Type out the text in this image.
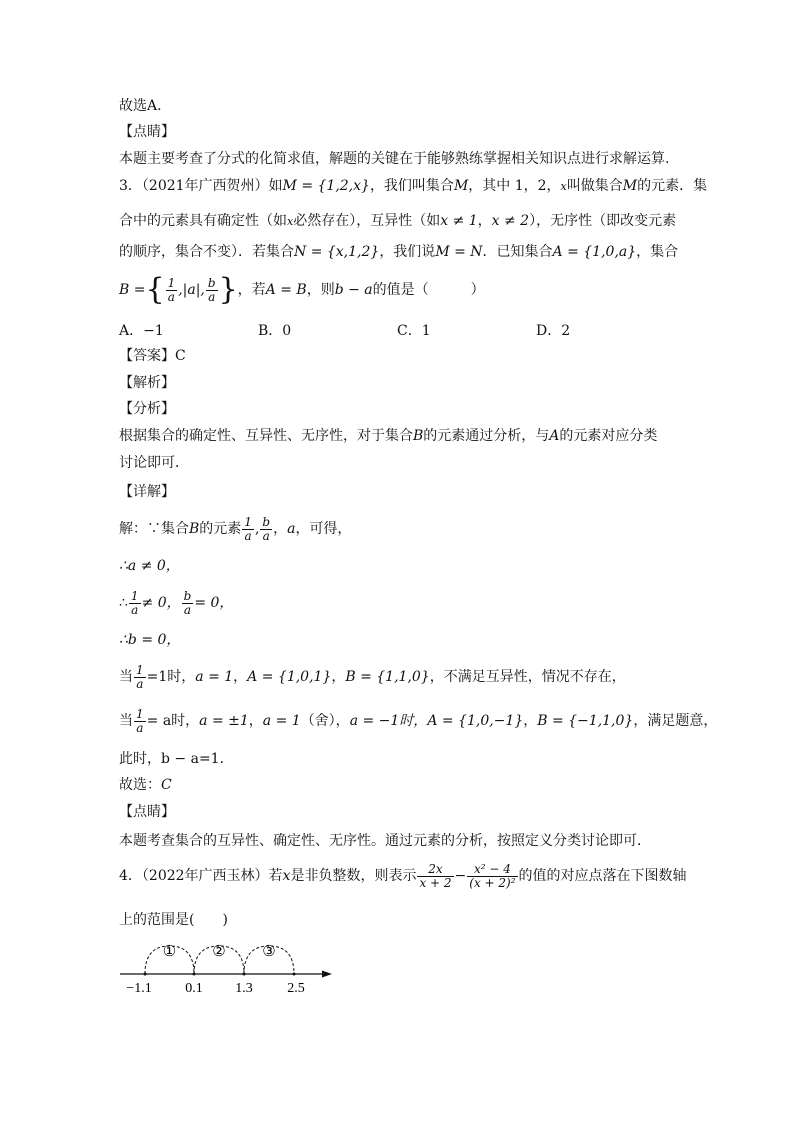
故选A.
【点睛】
本题主要考查了分式的化简求值，解题的关键在于能够熟练掌握相关知识点进行求解运算.
3．（2021年广西贺州）如M = {1,2,x}，我们叫集合M，其中 1，2，x叫做集合M的元素．集
合中的元素具有确定性（如x必然存在），互异性（如x ≠ 1，x ≠ 2），无序性（即改变元素
的顺序，集合不变）．若集合N = {x,1,2}，我们说M = N．已知集合A = {1,0,a}，集合
B ={ $\frac{1}{a} ,|a|$, $\frac{b}{a}$ }，若A = B，则b − a的值是（　　　）
A．−1	B．0	C．1	D．2
【答案】C
【解析】
【分析】
根据集合的确定性、互异性、无序性，对于集合B的元素通过分析，与A的元素对应分类
讨论即可．
【详解】
解：∵集合B的元素 $\frac{1}{a}$ , $\frac{b}{a}$ ，a，可得，
∴a ≠ 0，
∴ $\frac{1}{a} \ne 0$， $\frac{b}{a} = 0$，
∴b = 0，
当 $\frac{1}{a} =1$时，a = 1，A = {1,0,1}，B = {1,1,0}，不满足互异性，情况不存在，
当 $\frac{1}{a} = a$时，a = ±1，a = 1（舍），a = −1时，A = {1,0,−1}，B = {−1,1,0}，满足题意，
此时，b − a=1．
故选：C
【点睛】
本题考查集合的互异性、确定性、无序性。通过元素的分析，按照定义分类讨论即可．
4．（2022年广西玉林）若x是非负整数，则表示 $\frac{2x}{x + 2} - \frac{\text{x² − 4}}{\text{(x + 2)²}}$ 的值的对应点落在下图数轴
上的范围是(　　)
① ② ③
−1.1 0.1 1.3 2.5
